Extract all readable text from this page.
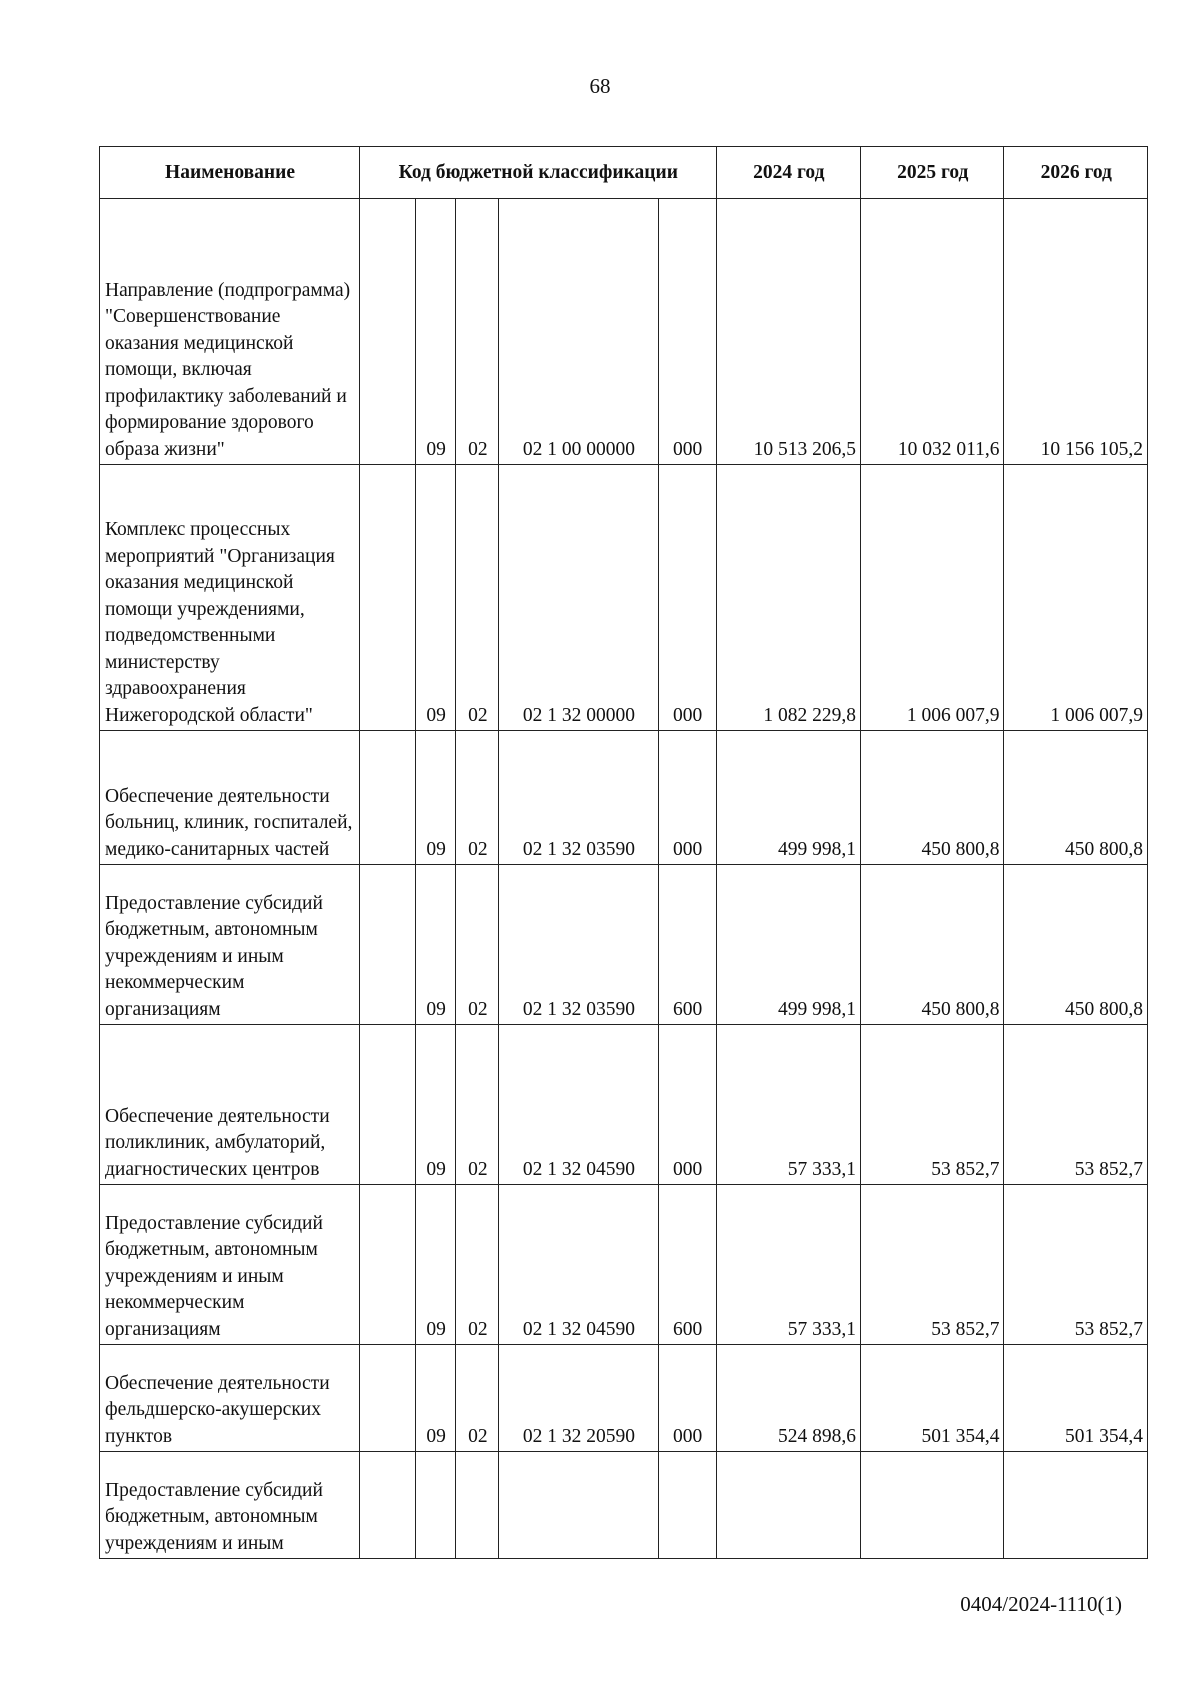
68
Наименование	Код бюджетной классификации					2024 год	2025 год	2026 год
Направление (подпрограмма) "Совершенствование оказания медицинской помощи, включая профилактику заболеваний и формирование здорового образа жизни"		09	02	02 1 00 00000	000	10 513 206,5	10 032 011,6	10 156 105,2
Комплекс процессных мероприятий "Организация оказания медицинской помощи учреждениями, подведомственными министерству здравоохранения Нижегородской области"		09	02	02 1 32 00000	000	1 082 229,8	1 006 007,9	1 006 007,9
Обеспечение деятельности больниц, клиник, госпиталей, медико-санитарных частей		09	02	02 1 32 03590	000	499 998,1	450 800,8	450 800,8
Предоставление субсидий бюджетным, автономным учреждениям и иным некоммерческим организациям		09	02	02 1 32 03590	600	499 998,1	450 800,8	450 800,8
Обеспечение деятельности поликлиник, амбулаторий, диагностических центров		09	02	02 1 32 04590	000	57 333,1	53 852,7	53 852,7
Предоставление субсидий бюджетным, автономным учреждениям и иным некоммерческим организациям		09	02	02 1 32 04590	600	57 333,1	53 852,7	53 852,7
Обеспечение деятельности фельдшерско-акушерских пунктов		09	02	02 1 32 20590	000	524 898,6	501 354,4	501 354,4
Предоставление субсидий бюджетным, автономным учреждениям и иным								
0404/2024-1110(1)
